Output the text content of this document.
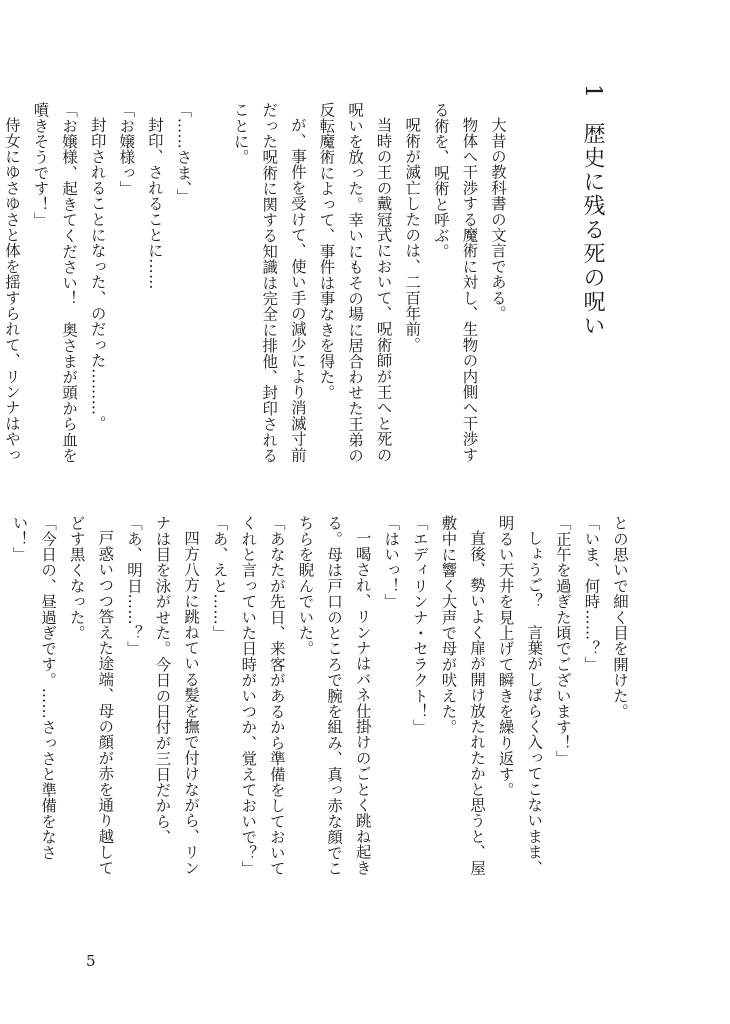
1歴史に残る死の呪い
大昔の教科書の文言である。
物体へ干渉する魔術に対し、生物の内側へ干渉す
る術を、呪術と呼ぶ。
呪術が滅亡したのは、二百年前。
当時の王の戴冠式において、呪術師が王へと死の
呪いを放った。幸いにもその場に居合わせた王弟の
反転魔術によって、事件は事なきを得た。
が、事件を受けて、使い手の減少により消滅寸前
だった呪術に関する知識は完全に排他、封印される
ことに。
「……さま、」
封印、されることに……
「お嬢様っ」
封印されることになった、のだった………。
「お嬢様、起きてください！　奥さまが頭から血を
噴きそうです！」
侍女にゆさゆさと体を揺すられて、リンナはやっ
との思いで細く目を開けた。
「いま、何時……？」
「正午を過ぎた頃でございます！」
しょうご？　言葉がしばらく入ってこないまま、
明るい天井を見上げて瞬きを繰り返す。
直後、勢いよく扉が開け放たれたかと思うと、屋
敷中に響く大声で母が吠えた。
「エディリンナ・セラクト！」
「はいっ！」
一喝され、リンナはバネ仕掛けのごとく跳ね起き
る。母は戸口のところで腕を組み、真っ赤な顔でこ
ちらを睨んでいた。
「あなたが先日、来客があるから準備をしておいて
くれと言っていた日時がいつか、覚えておいで？」
「あ、えと……」
四方八方に跳ねている髪を撫で付けながら、リン
ナは目を泳がせた。今日の日付が三日だから、
「あ、明日……？」
戸惑いつつ答えた途端、母の顔が赤を通り越して
どす黒くなった。
「今日の、昼過ぎです。……さっさと準備をなさ
い！」
5
